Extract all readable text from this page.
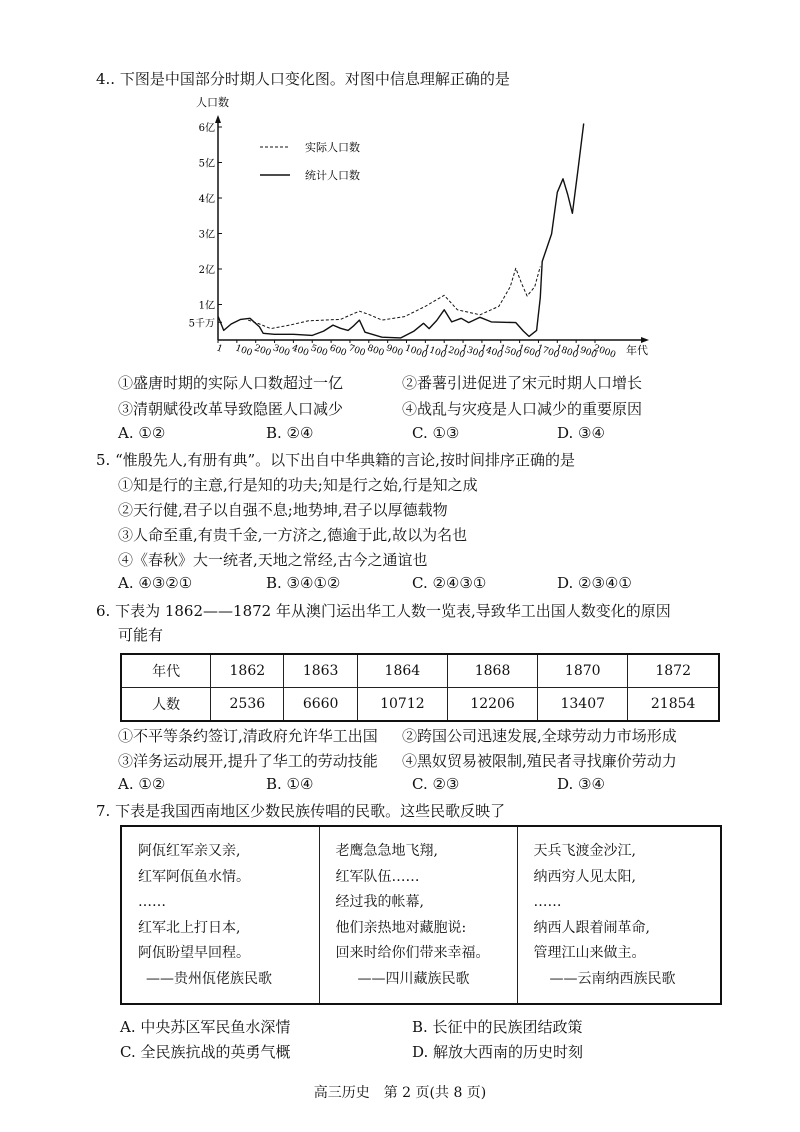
4.. 下图是中国部分时期人口变化图。对图中信息理解正确的是
人口数
年代
5千万
1亿
2亿
3亿
4亿
5亿
6亿
1 100 200 300 400 500 600 700 800 900 1000
1100
1200
1300
1400
1500
1600
1700
1800
1900
2000
实际人口数
统计人口数
①盛唐时期的实际人口数超过一亿	②番薯引进促进了宋元时期人口增长
③清朝赋役改革导致隐匿人口减少	④战乱与灾疫是人口减少的重要原因
A. ①②	B. ②④	C. ①③	D. ③④
5. “惟殷先人,有册有典”。以下出自中华典籍的言论,按时间排序正确的是
①知是行的主意,行是知的功夫;知是行之始,行是知之成
②天行健,君子以自强不息;地势坤,君子以厚德载物
③人命至重,有贵千金,一方济之,德逾于此,故以为名也
④《春秋》大一统者,天地之常经,古今之通谊也
A. ④③②①	B. ③④①②	C. ②④③①	D. ②③④①
6. 下表为 1862——1872 年从澳门运出华工人数一览表,导致华工出国人数变化的原因
可能有
年代	1862	1863	1864	1868	1870	1872
人数	2536	6660	10712	12206	13407	21854
①不平等条约签订,清政府允许华工出国 ②跨国公司迅速发展,全球劳动力市场形成
③洋务运动展开,提升了华工的劳动技能 ④黑奴贸易被限制,殖民者寻找廉价劳动力
A. ①②	B. ①④	C. ②③	D. ③④
7. 下表是我国西南地区少数民族传唱的民歌。这些民歌反映了
阿佤红军亲又亲,
红军阿佤鱼水情。
……
红军北上打日本,
阿佤盼望早回程。
——贵州佤佬族民歌

老鹰急急地飞翔,
红军队伍……
经过我的帐幕,
他们亲热地对藏胞说:
回来时给你们带来幸福。
——四川藏族民歌

天兵飞渡金沙江,
纳西穷人见太阳,
……
纳西人跟着闹革命,
管理江山来做主。
——云南纳西族民歌
A. 中央苏区军民鱼水深情	B. 长征中的民族团结政策
C. 全民族抗战的英勇气概	D. 解放大西南的历史时刻
高三历史　第 2 页(共 8 页)
